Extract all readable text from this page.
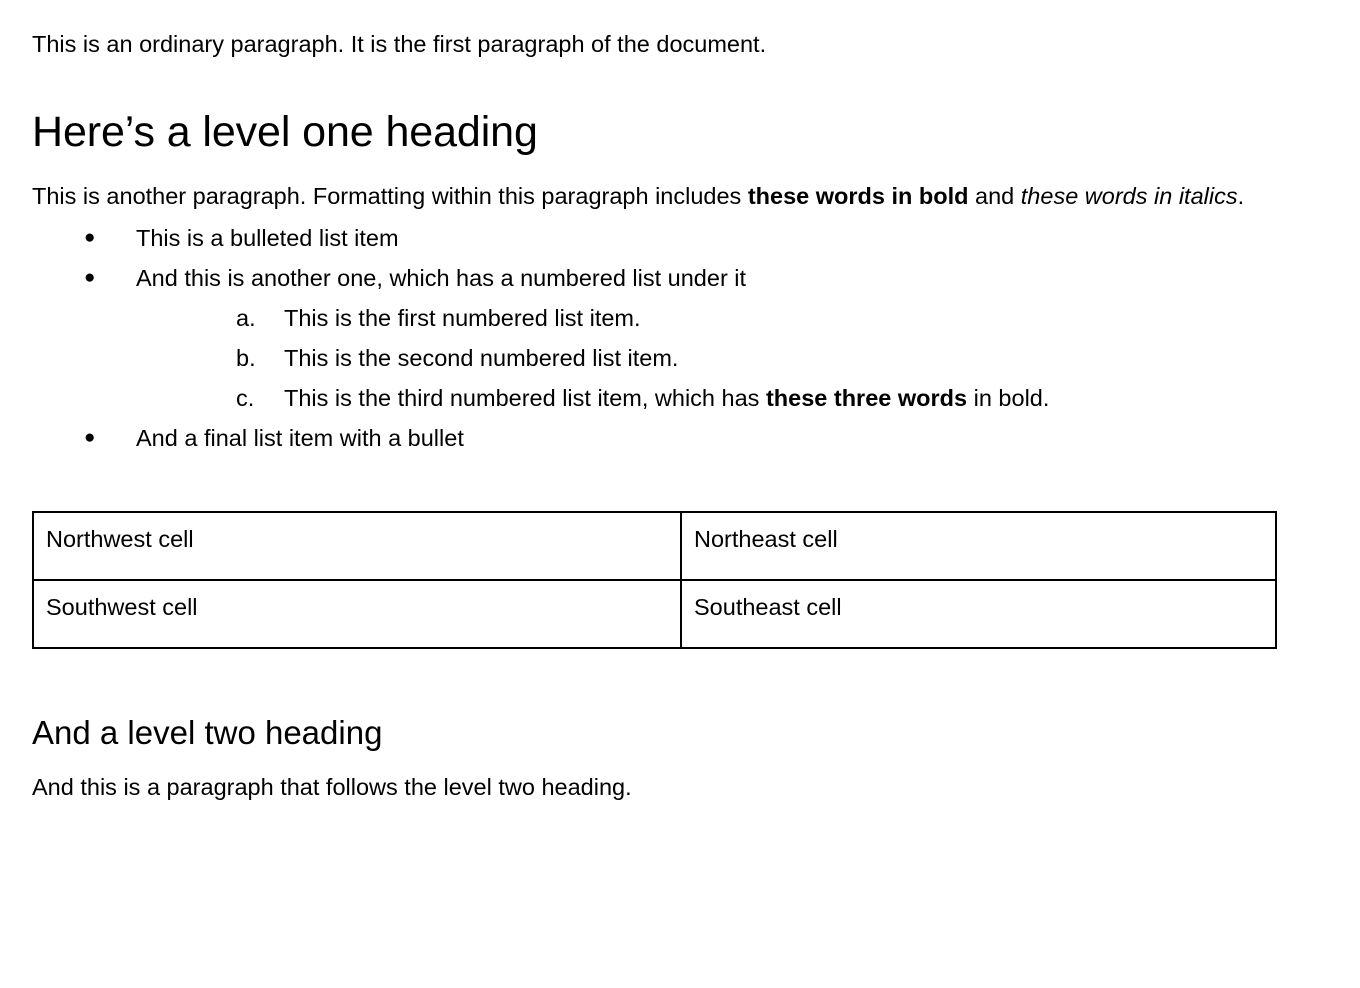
This is an ordinary paragraph. It is the first paragraph of the document.

Here’s a level one heading

This is another paragraph. Formatting within this paragraph includes these words in bold and these words in italics.

●	This is a bulleted list item
●	And this is another one, which has a numbered list under it
a.	This is the first numbered list item.
b.	This is the second numbered list item.
c.	This is the third numbered list item, which has these three words in bold.
●	And a final list item with a bullet
Northwest cell	Northeast cell
Southwest cell	Southeast cell
And a level two heading

And this is a paragraph that follows the level two heading.
